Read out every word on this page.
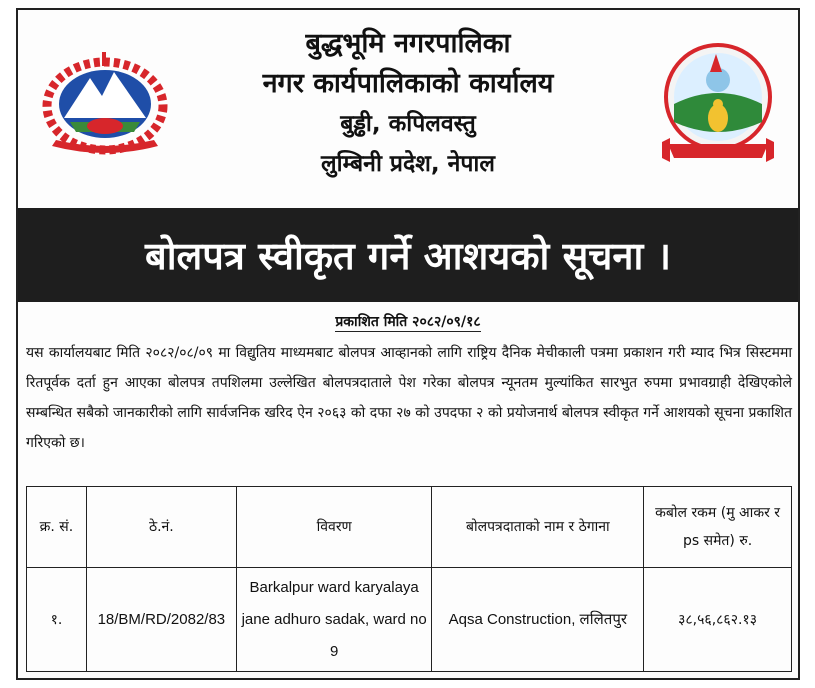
बुद्धभूमि नगरपालिका
नगर कार्यपालिकाको कार्यालय
बुड्ढी, कपिलवस्तु
लुम्बिनी प्रदेश, नेपाल
बोलपत्र स्वीकृत गर्ने आशयको सूचना ।
प्रकाशित मिति २०८२/०९/१८
यस कार्यालयबाट मिति २०८२/०८/०९ मा विद्युतिय माध्यमबाट बोलपत्र आव्हानको लागि राष्ट्रिय दैनिक मेचीकाली पत्रमा प्रकाशन गरी म्याद भित्र सिस्टममा रितपूर्वक दर्ता हुन आएका बोलपत्र तपशिलमा उल्लेखित बोलपत्रदाताले पेश गरेका बोलपत्र न्यूनतम मुल्यांकित सारभुत रुपमा प्रभावग्राही देखिएकोले सम्बन्धित सबैको जानकारीको लागि सार्वजनिक खरिद ऐन २०६३ को दफा २७ को उपदफा २ को प्रयोजनार्थ बोलपत्र स्वीकृत गर्ने आशयको सूचना प्रकाशित गरिएको छ।
क्र. सं.	ठे.नं.	विवरण	बोलपत्रदाताको नाम र ठेगाना	कबोल रकम (मु आकर र ps समेत) रु.
१.	18/BM/RD/2082/83	Barkalpur ward karyalaya jane adhuro sadak, ward no 9	Aqsa Construction, ललितपुर	३८,५६,८६२.१३
